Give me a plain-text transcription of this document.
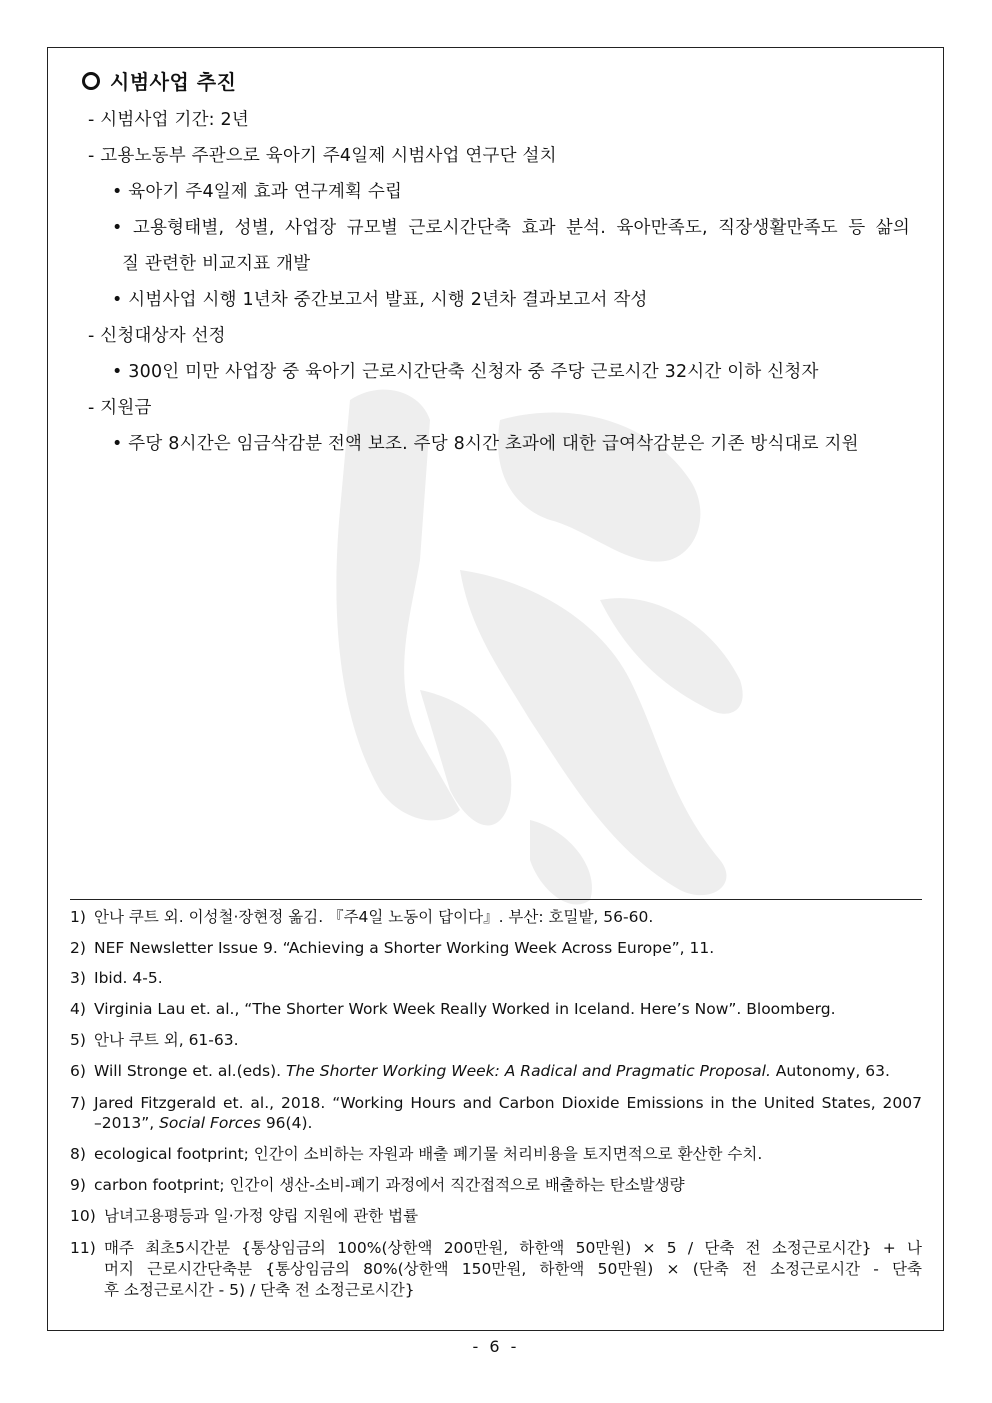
시범사업 추진
- 시범사업 기간: 2년
- 고용노동부 주관으로 육아기 주4일제 시범사업 연구단 설치
• 육아기 주4일제 효과 연구계획 수립
• 고용형태별, 성별, 사업장 규모별 근로시간단축 효과 분석. 육아만족도, 직장생활만족도 등 삶의
질 관련한 비교지표 개발
• 시범사업 시행 1년차 중간보고서 발표, 시행 2년차 결과보고서 작성
- 신청대상자 선정
• 300인 미만 사업장 중 육아기 근로시간단축 신청자 중 주당 근로시간 32시간 이하 신청자
- 지원금
• 주당 8시간은 임금삭감분 전액 보조. 주당 8시간 초과에 대한 급여삭감분은 기존 방식대로 지원
1) 안나 쿠트 외. 이성철·장현정 옮김. 『주4일 노동이 답이다』. 부산: 호밀밭, 56-60.
2) NEF Newsletter Issue 9. “Achieving a Shorter Working Week Across Europe”, 11.
3) Ibid. 4-5.
4) Virginia Lau et. al., “The Shorter Work Week Really Worked in Iceland. Here’s Now”. Bloomberg.
5) 안나 쿠트 외, 61-63.
6) Will Stronge et. al.(eds). The Shorter Working Week: A Radical and Pragmatic Proposal. Autonomy, 63.
7) Jared Fitzgerald et. al., 2018. “Working Hours and Carbon Dioxide Emissions in the United States, 2007
–2013”, Social Forces 96(4).
8) ecological footprint; 인간이 소비하는 자원과 배출 폐기물 처리비용을 토지면적으로 환산한 수치.
9) carbon footprint; 인간이 생산-소비-폐기 과정에서 직간접적으로 배출하는 탄소발생량
10) 남녀고용평등과 일·가정 양립 지원에 관한 법률
11) 매주 최초5시간분 {통상임금의 100%(상한액 200만원, 하한액 50만원) × 5 / 단축 전 소정근로시간} + 나
머지 근로시간단축분 {통상임금의 80%(상한액 150만원, 하한액 50만원) × (단축 전 소정근로시간 - 단축
후 소정근로시간 - 5) / 단축 전 소정근로시간}
- 6 -
